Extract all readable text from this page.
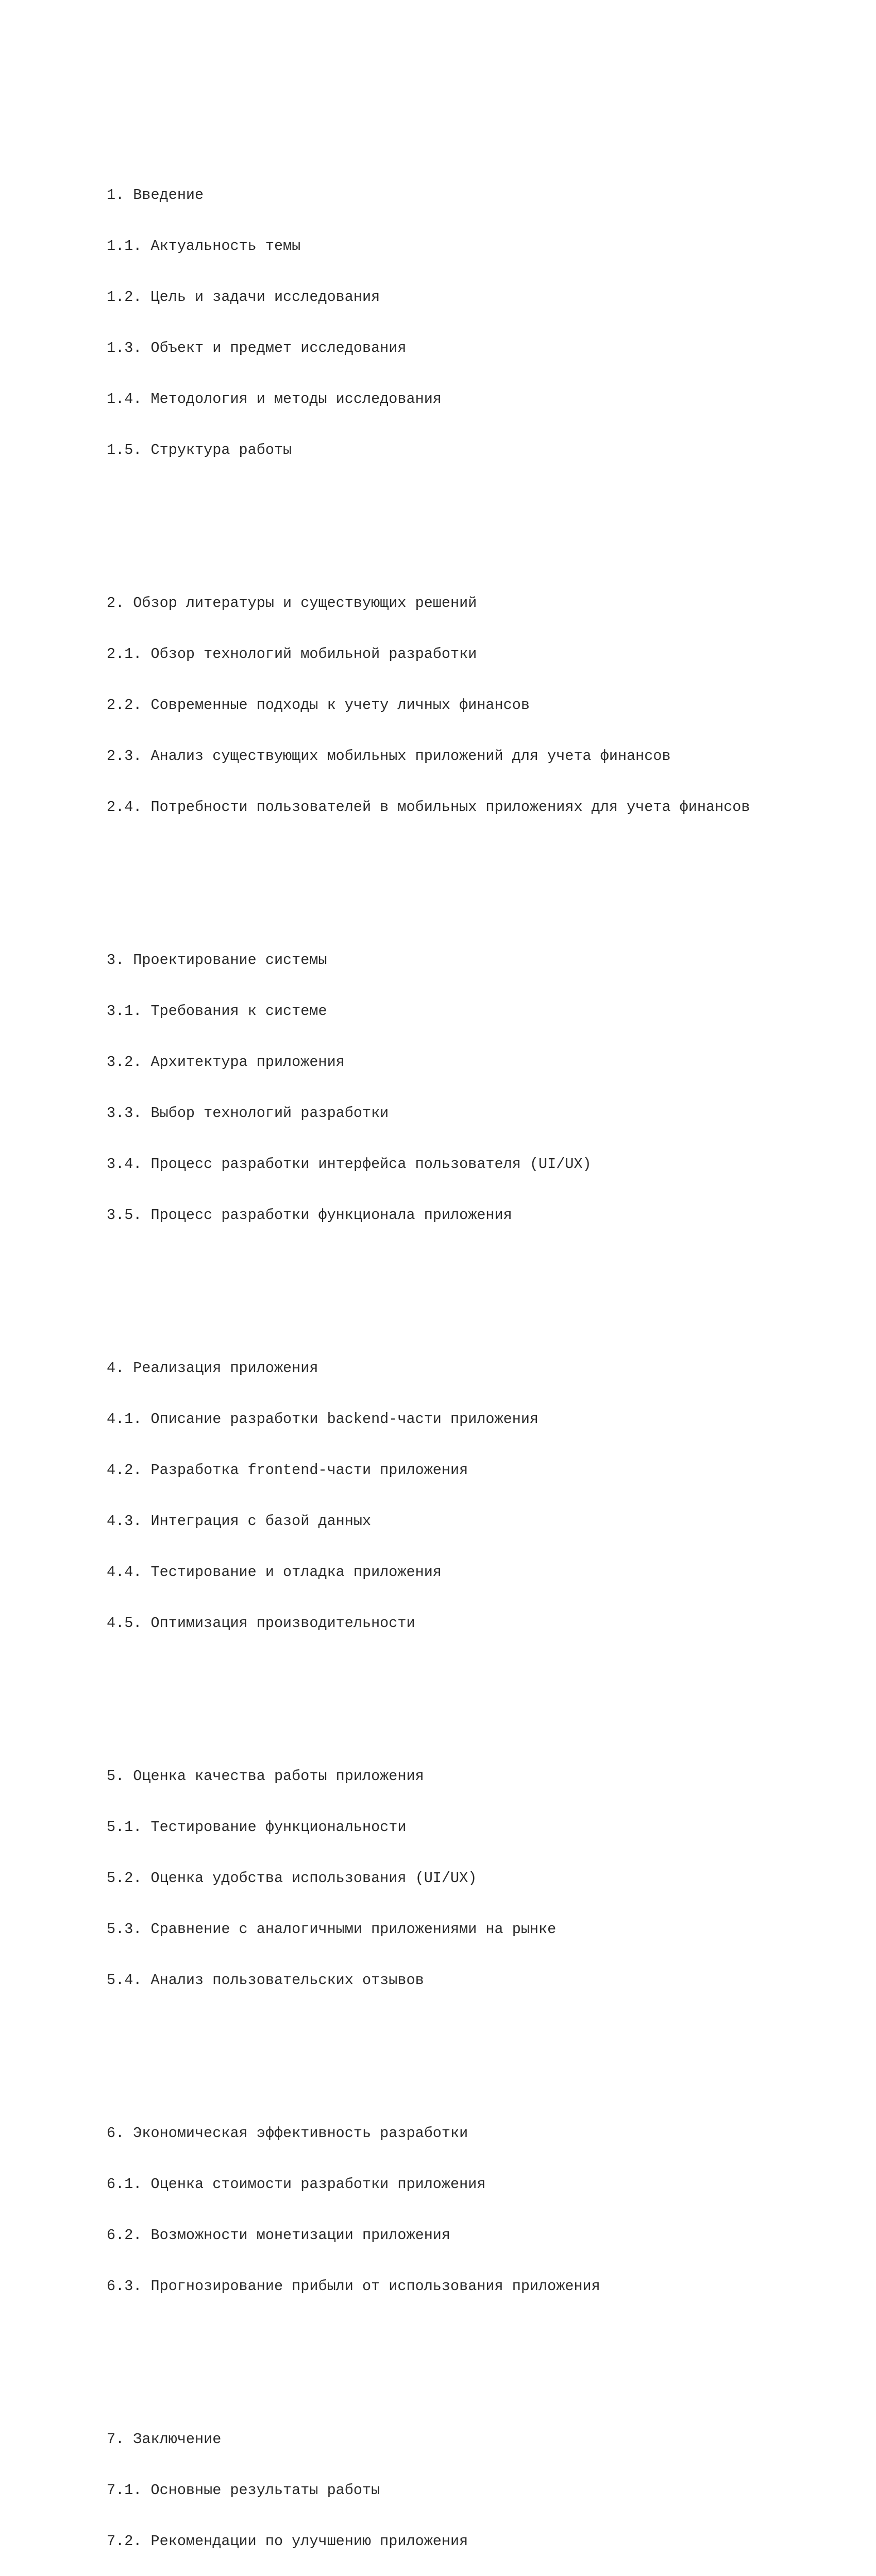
1. Введение

1.1. Актуальность темы

1.2. Цель и задачи исследования

1.3. Объект и предмет исследования

1.4. Методология и методы исследования

1.5. Структура работы

2. Обзор литературы и существующих решений

2.1. Обзор технологий мобильной разработки

2.2. Современные подходы к учету личных финансов

2.3. Анализ существующих мобильных приложений для учета финансов

2.4. Потребности пользователей в мобильных приложениях для учета финансов

3. Проектирование системы

3.1. Требования к системе

3.2. Архитектура приложения

3.3. Выбор технологий разработки

3.4. Процесс разработки интерфейса пользователя (UI/UX)

3.5. Процесс разработки функционала приложения

4. Реализация приложения

4.1. Описание разработки backend-части приложения

4.2. Разработка frontend-части приложения

4.3. Интеграция с базой данных

4.4. Тестирование и отладка приложения

4.5. Оптимизация производительности

5. Оценка качества работы приложения

5.1. Тестирование функциональности

5.2. Оценка удобства использования (UI/UX)

5.3. Сравнение с аналогичными приложениями на рынке

5.4. Анализ пользовательских отзывов

6. Экономическая эффективность разработки

6.1. Оценка стоимости разработки приложения

6.2. Возможности монетизации приложения

6.3. Прогнозирование прибыли от использования приложения

7. Заключение

7.1. Основные результаты работы

7.2. Рекомендации по улучшению приложения
